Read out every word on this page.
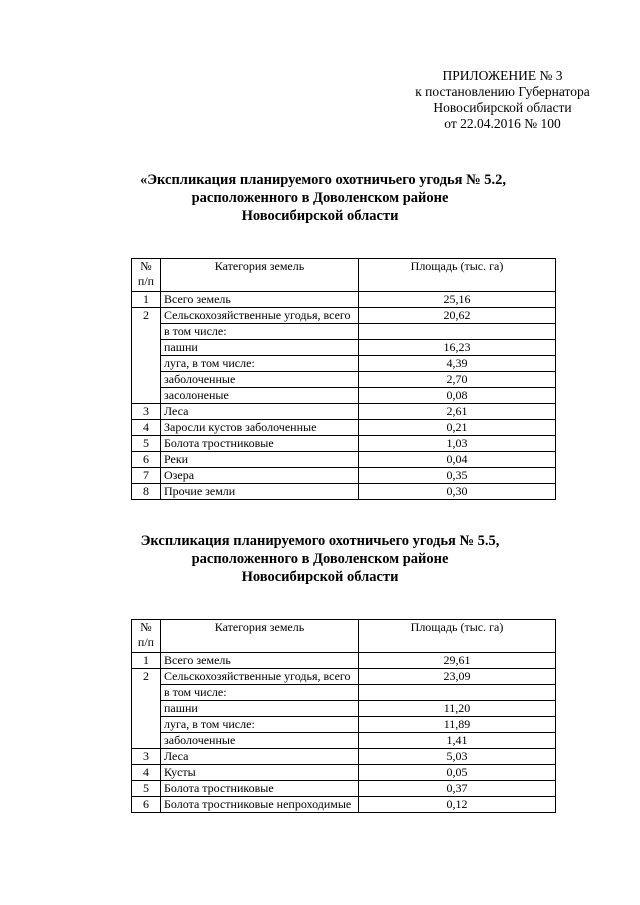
ПРИЛОЖЕНИЕ № 3
к постановлению Губернатора
Новосибирской области
от 22.04.2016 № 100
«Экспликация планируемого охотничьего угодья № 5.2,
расположенного в Доволенском районе
Новосибирской области
№ п/п	Категория земель	Площадь (тыс. га)
1	Всего земель	25,16
2	Сельскохозяйственные угодья, всего	20,62
	в том числе:	
	пашни	16,23
	луга, в том числе:	4,39
	заболоченные	2,70
	засолоненые	0,08
3	Леса	2,61
4	Заросли кустов заболоченные	0,21
5	Болота тростниковые	1,03
6	Реки	0,04
7	Озера	0,35
8	Прочие земли	0,30
Экспликация планируемого охотничьего угодья № 5.5,
расположенного в Доволенском районе
Новосибирской области
№ п/п	Категория земель	Площадь (тыс. га)
1	Всего земель	29,61
2	Сельскохозяйственные угодья, всего	23,09
	в том числе:	
	пашни	11,20
	луга, в том числе:	11,89
	заболоченные	1,41
3	Леса	5,03
4	Кусты	0,05
5	Болота тростниковые	0,37
6	Болота тростниковые непроходимые	0,12
